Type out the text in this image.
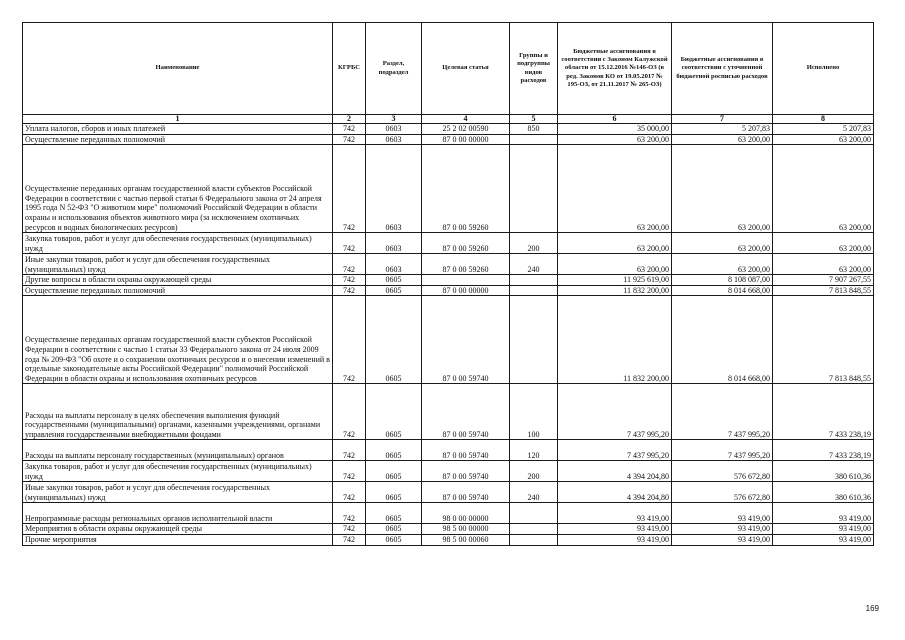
Наименование	КГРБС	Раздел, подраздел	Целевая статья	Группы и подгруппы видов расходов	Бюджетные ассигнования в соответствии с Законом Калужской области от 15.12.2016 №146-ОЗ (в ред. Законов КО от 19.05.2017 № 195-ОЗ, от 21.11.2017 № 265-ОЗ)	Бюджетные ассигнования в соответствии с уточненной бюджетной росписью расходов	Исполнено
1	2	3	4	5	6	7	8
Уплата налогов, сборов и иных платежей	742	0603	25 2 02 00590	850	35 000,00	5 207,83	5 207,83
Осуществление переданных полномочий	742	0603	87 0 00 00000		63 200,00	63 200,00	63 200,00
Осуществление переданных органам государственной власти субъектов Российской Федерации в соответствии с частью первой статьи 6 Федерального закона от 24 апреля 1995 года N 52-ФЗ "О животном мире" полномочий Российской Федерации в области охраны и использования объектов животного мира (за исключением охотничьих ресурсов и водных биологических ресурсов)	742	0603	87 0 00 59260		63 200,00	63 200,00	63 200,00
Закупка товаров, работ и услуг для обеспечения государственных (муниципальных) нужд	742	0603	87 0 00 59260	200	63 200,00	63 200,00	63 200,00
Иные закупки товаров, работ и услуг для обеспечения государственных (муниципальных) нужд	742	0603	87 0 00 59260	240	63 200,00	63 200,00	63 200,00
Другие вопросы в области охраны окружающей среды	742	0605			11 925 619,00	8 108 087,00	7 907 267,55
Осуществление переданных полномочий	742	0605	87 0 00 00000		11 832 200,00	8 014 668,00	7 813 848,55
Осуществление переданных органам государственной власти субъектов Российской Федерации в соответствии с частью 1 статьи 33 Федерального закона от 24 июля 2009 года № 209-ФЗ "Об охоте и о сохранении охотничьих ресурсов и о внесении изменений в отдельные законодательные акты Российской Федерации" полномочий Российской Федерации в области охраны и использования охотничьих ресурсов	742	0605	87 0 00 59740		11 832 200,00	8 014 668,00	7 813 848,55
Расходы на выплаты персоналу в целях обеспечения выполнения функций государственными (муниципальными) органами, казенными учреждениями, органами управления государственными внебюджетными фондами	742	0605	87 0 00 59740	100	7 437 995,20	7 437 995,20	7 433 238,19
Расходы на выплаты персоналу государственных (муниципальных) органов	742	0605	87 0 00 59740	120	7 437 995,20	7 437 995,20	7 433 238,19
Закупка товаров, работ и услуг для обеспечения государственных (муниципальных) нужд	742	0605	87 0 00 59740	200	4 394 204,80	576 672,80	380 610,36
Иные закупки товаров, работ и услуг для обеспечения государственных (муниципальных) нужд	742	0605	87 0 00 59740	240	4 394 204,80	576 672,80	380 610,36
Непрограммные расходы региональных органов исполнительной власти	742	0605	98 0 00 00000		93 419,00	93 419,00	93 419,00
Мероприятия в области охраны окружающей среды	742	0605	98 5 00 00000		93 419,00	93 419,00	93 419,00
Прочие мероприятия	742	0605	98 5 00 00060		93 419,00	93 419,00	93 419,00
169
